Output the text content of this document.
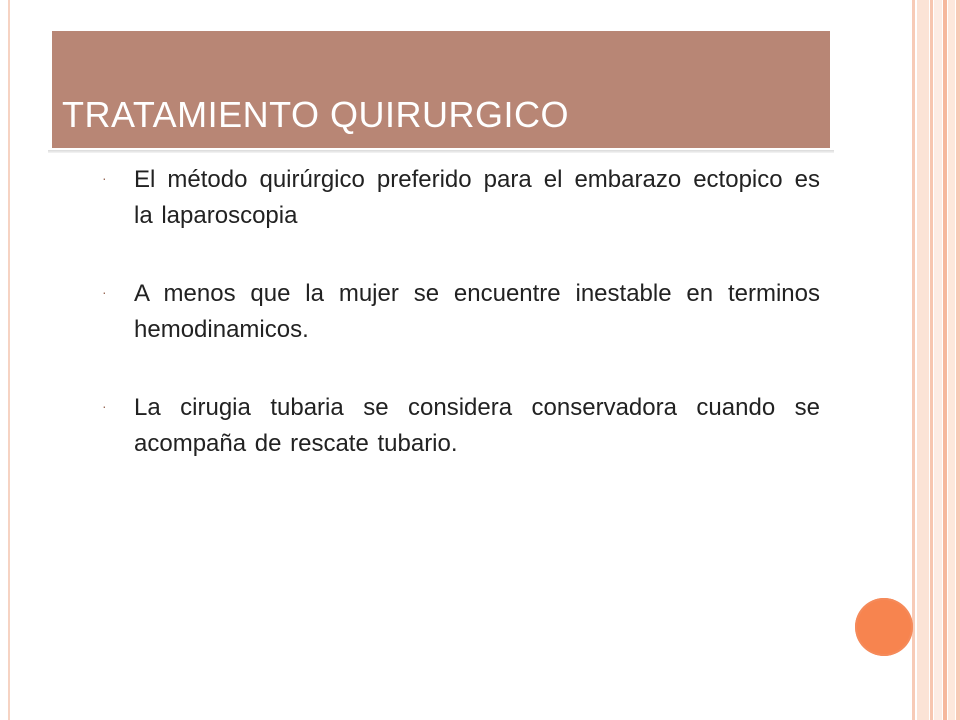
TRATAMIENTO QUIRURGICO
· El método quirúrgico preferido para el embarazo ectopico es la laparoscopia
· A menos que la mujer se encuentre inestable en terminos hemodinamicos.
· La cirugia tubaria se considera conservadora cuando se acompaña de rescate tubario.
